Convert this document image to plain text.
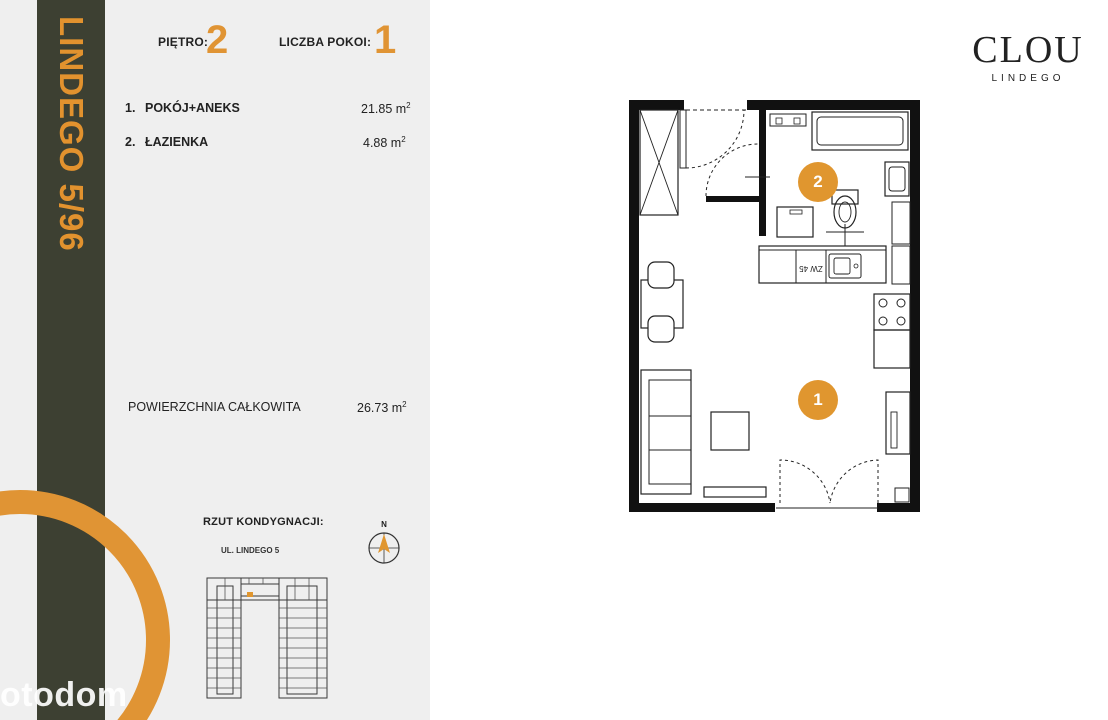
LINDEGO 5/96	PIĘTRO:
2	LICZBA POKOI: 1
1. POKÓJ+ANEKS	21.85 $m^2$
2. ŁAZIENKA	4.88 $m^2$
POWIERZCHNIA CAŁKOWITA	26.73 $m^2$
RZUT KONDYGNACJI:
UL. LINDEGO 5
N
otodom
CLOU
LINDEGO
ZW 45
2
1
